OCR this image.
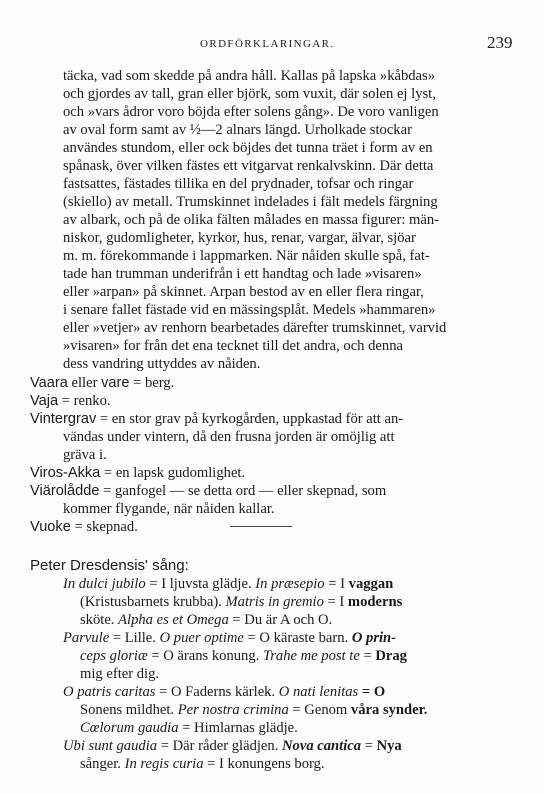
ORDFÖRKLARINGAR.	239
täcka, vad som skedde på andra håll. Kallas på lapska »kåbdas»
och gjordes av tall, gran eller björk, som vuxit, där solen ej lyst,
och »vars ådror voro böjda efter solens gång». De voro vanligen
av oval form samt av ½—2 alnars längd. Urholkade stockar
användes stundom, eller ock böjdes det tunna träet i form av en
spånask, över vilken fästes ett vitgarvat renkalvskinn. Där detta
fastsattes, fästades tillika en del prydnader, tofsar och ringar
(skiello) av metall. Trumskinnet indelades i fält medels färgning
av albark, och på de olika fälten målades en massa figurer: män-
niskor, gudomligheter, kyrkor, hus, renar, vargar, älvar, sjöar
m. m. förekommande i lappmarken. När nåiden skulle spå, fat-
tade han trumman underifrån i ett handtag och lade »visaren»
eller »arpan» på skinnet. Arpan bestod av en eller flera ringar,
i senare fallet fästade vid en mässingsplåt. Medels »hammaren»
eller »vetjer» av renhorn bearbetades därefter trumskinnet, varvid
»visaren» for från det ena tecknet till det andra, och denna
dess vandring uttyddes av nåiden.
Vaara eller vare = berg.
Vaja = renko.
Vintergrav = en stor grav på kyrkogården, uppkastad för att an-
vändas under vintern, då den frusna jorden är omöjlig att
gräva i.
Viros-Akka = en lapsk gudomlighet.
Viärolådde = ganfogel — se detta ord — eller skepnad, som
kommer flygande, när nåiden kallar.
Vuoke = skepnad.
Peter Dresdensis' sång:
In dulci jubilo = I ljuvsta glädje. In præsepio = I vaggan
(Kristusbarnets krubba). Matris in gremio = I moderns
sköte. Alpha es et Omega = Du är A och O.
Parvule = Lille. O puer optime = O käraste barn. O prin-
ceps gloriæ = O ärans konung. Trahe me post te = Drag
mig efter dig.
O patris caritas = O Faderns kärlek. O nati lenitas = O
Sonens mildhet. Per nostra crimina = Genom våra synder.
Cœlorum gaudia = Himlarnas glädje.
Ubi sunt gaudia = Där råder glädjen. Nova cantica = Nya
sånger. In regis curia = I konungens borg.
